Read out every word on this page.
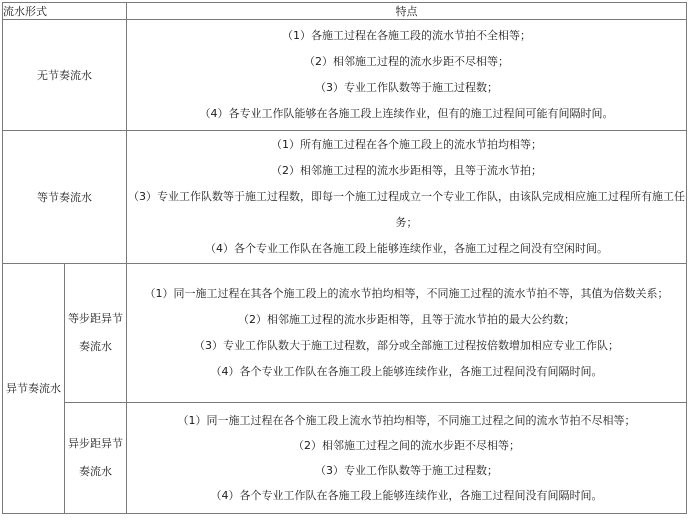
流水形式		特点
无节奏流水		（1）各施工过程在各施工段的流水节拍不全相等；
（2）相邻施工过程的流水步距不尽相等；
（3）专业工作队数等于施工过程数；
（4）各专业工作队能够在各施工段上连续作业，但有的施工过程间可能有间隔时间。

等节奏流水		（1）所有施工过程在各个施工段上的流水节拍均相等；
（2）相邻施工过程的流水步距相等，且等于流水节拍；
（3）专业工作队数等于施工过程数，即每一个施工过程成立一个专业工作队，由该队完成相应施工过程所有施工任务；
（4）各个专业工作队在各施工段上能够连续作业，各施工过程之间没有空闲时间。

异节奏流水	等步距异节奏流水	（1）同一施工过程在其各个施工段上的流水节拍均相等，不同施工过程的流水节拍不等，其值为倍数关系；
（2）相邻施工过程的流水步距相等，且等于流水节拍的最大公约数；
（3）专业工作队数大于施工过程数，部分或全部施工过程按倍数增加相应专业工作队；
（4）各个专业工作队在各施工段上能够连续作业，各施工过程间没有间隔时间。

	异步距异节奏流水	（1）同一施工过程在各个施工段上流水节拍均相等，不同施工过程之间的流水节拍不尽相等；
（2）相邻施工过程之间的流水步距不尽相等；
（3）专业工作队数等于施工过程数；
（4）各个专业工作队在各施工段上能够连续作业，各施工过程间没有间隔时间。
